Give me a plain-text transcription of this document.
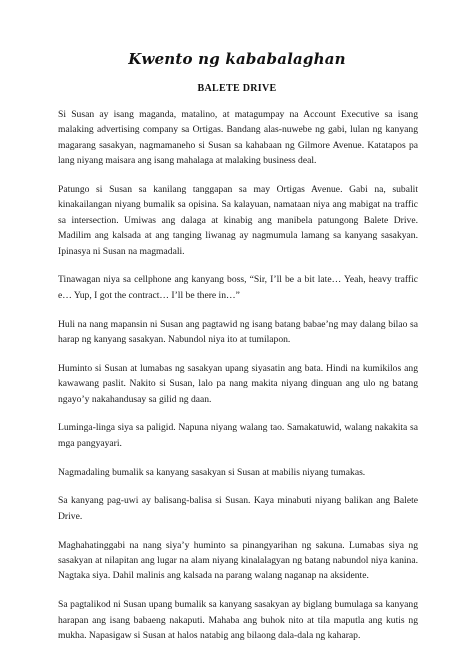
Kwento ng kababalaghan
BALETE DRIVE

Si Susan ay isang maganda, matalino, at matagumpay na Account Executive sa isang malaking advertising company sa Ortigas. Bandang alas-nuwebe ng gabi, lulan ng kanyang magarang sasakyan, nagmamaneho si Susan sa kahabaan ng Gilmore Avenue. Katatapos pa lang niyang maisara ang isang mahalaga at malaking business deal.

Patungo si Susan sa kanilang tanggapan sa may Ortigas Avenue. Gabi na, subalit kinakailangan niyang bumalik sa opisina. Sa kalayuan, namataan niya ang mabigat na traffic sa intersection. Umiwas ang dalaga at kinabig ang manibela patungong Balete Drive. Madilim ang kalsada at ang tanging liwanag ay nagmumula lamang sa kanyang sasakyan. Ipinasya ni Susan na magmadali.

Tinawagan niya sa cellphone ang kanyang boss, “Sir, I’ll be a bit late… Yeah, heavy traffic e… Yup, I got the contract… I’ll be there in…”

Huli na nang mapansin ni Susan ang pagtawid ng isang batang babae’ng may dalang bilao sa harap ng kanyang sasakyan. Nabundol niya ito at tumilapon.

Huminto si Susan at lumabas ng sasakyan upang siyasatin ang bata. Hindi na kumikilos ang kawawang paslit. Nakito si Susan, lalo pa nang makita niyang dinguan ang ulo ng batang ngayo’y nakahandusay sa gilid ng daan.

Luminga-linga siya sa paligid. Napuna niyang walang tao. Samakatuwid, walang nakakita sa mga pangyayari.

Nagmadaling bumalik sa kanyang sasakyan si Susan at mabilis niyang tumakas.

Sa kanyang pag-uwi ay balisang-balisa si Susan. Kaya minabuti niyang balikan ang Balete Drive.

Maghahatinggabi na nang siya’y huminto sa pinangyarihan ng sakuna. Lumabas siya ng sasakyan at nilapitan ang lugar na alam niyang kinalalagyan ng batang nabundol niya kanina. Nagtaka siya. Dahil malinis ang kalsada na parang walang naganap na aksidente.

Sa pagtalikod ni Susan upang bumalik sa kanyang sasakyan ay biglang bumulaga sa kanyang harapan ang isang babaeng nakaputi. Mahaba ang buhok nito at tila maputla ang kutis ng mukha. Napasigaw si Susan at halos natabig ang bilaong dala-dala ng kaharap.
